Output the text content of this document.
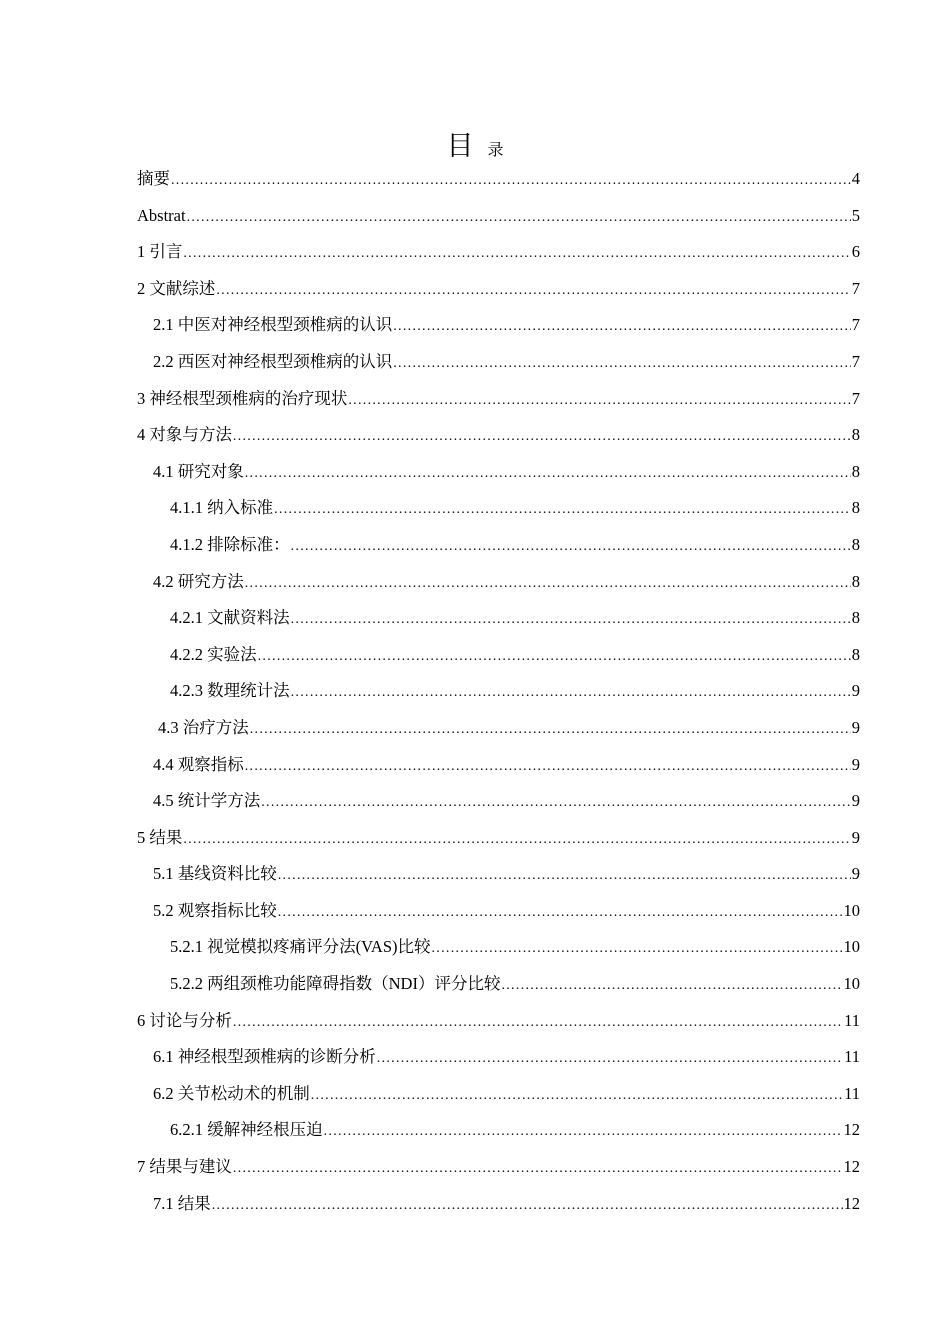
目录
摘要 .....	4
Abstrat .....	5
1 引言 .....	6
2 文献综述 .....	7
2.1 中医对神经根型颈椎病的认识 .....	7
2.2 西医对神经根型颈椎病的认识 .....	7
3 神经根型颈椎病的治疗现状 .....	7
4 对象与方法 .....	8
4.1 研究对象 .....	8
4.1.1 纳入标准 .....	8
4.1.2 排除标准： .....	8
4.2 研究方法 .....	8
4.2.1 文献资料法 .....	8
4.2.2 实验法 .....	8
4.2.3 数理统计法 .....	9
4.3 治疗方法 .....	9
4.4 观察指标 .....	9
4.5 统计学方法 .....	9
5 结果 .....	9
5.1 基线资料比较 .....	9
5.2 观察指标比较 .....	10
5.2.1 视觉模拟疼痛评分法(VAS)比较 .....	10
5.2.2 两组颈椎功能障碍指数（NDI）评分比较 .....	10
6 讨论与分析 .....	11
6.1 神经根型颈椎病的诊断分析 .....	11
6.2 关节松动术的机制 .....	11
6.2.1 缓解神经根压迫 .....	12
7 结果与建议 .....	12
7.1 结果 .....	12
